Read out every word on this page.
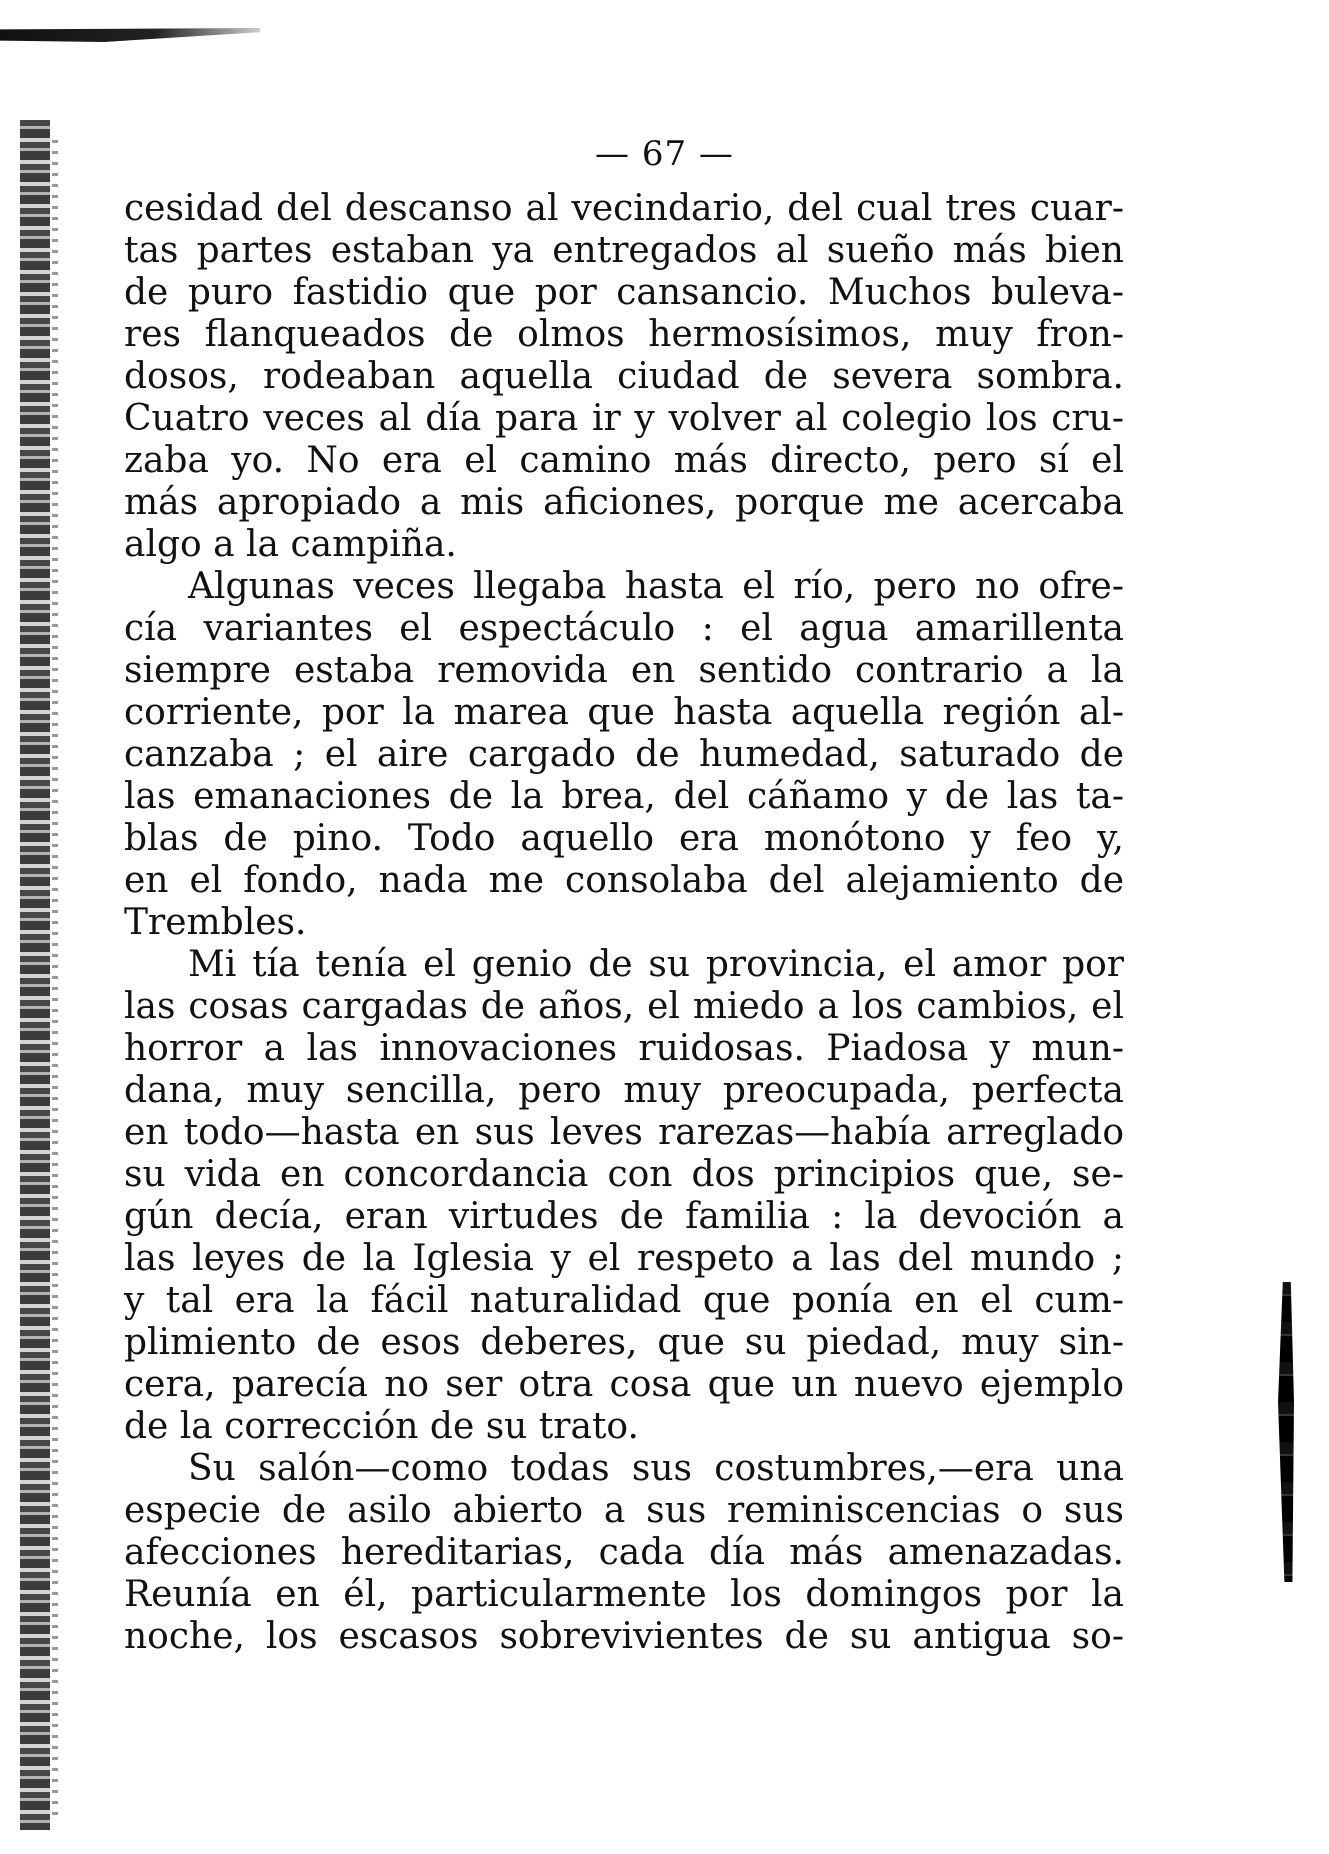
— 67 —
cesidad del descanso al vecindario, del cual tres cuar-
tas partes estaban ya entregados al sueño más bien
de puro fastidio que por cansancio. Muchos buleva-
res flanqueados de olmos hermosísimos, muy fron-
dosos, rodeaban aquella ciudad de severa sombra.
Cuatro veces al día para ir y volver al colegio los cru-
zaba yo. No era el camino más directo, pero sí el
más apropiado a mis aficiones, porque me acercaba
algo a la campiña.
Algunas veces llegaba hasta el río, pero no ofre-
cía variantes el espectáculo : el agua amarillenta
siempre estaba removida en sentido contrario a la
corriente, por la marea que hasta aquella región al-
canzaba ; el aire cargado de humedad, saturado de
las emanaciones de la brea, del cáñamo y de las ta-
blas de pino. Todo aquello era monótono y feo y,
en el fondo, nada me consolaba del alejamiento de
Trembles.
Mi tía tenía el genio de su provincia, el amor por
las cosas cargadas de años, el miedo a los cambios, el
horror a las innovaciones ruidosas. Piadosa y mun-
dana, muy sencilla, pero muy preocupada, perfecta
en todo—hasta en sus leves rarezas—había arreglado
su vida en concordancia con dos principios que, se-
gún decía, eran virtudes de familia : la devoción a
las leyes de la Iglesia y el respeto a las del mundo ;
y tal era la fácil naturalidad que ponía en el cum-
plimiento de esos deberes, que su piedad, muy sin-
cera, parecía no ser otra cosa que un nuevo ejemplo
de la corrección de su trato.
Su salón—como todas sus costumbres,—era una
especie de asilo abierto a sus reminiscencias o sus
afecciones hereditarias, cada día más amenazadas.
Reunía en él, particularmente los domingos por la
noche, los escasos sobrevivientes de su antigua so-
